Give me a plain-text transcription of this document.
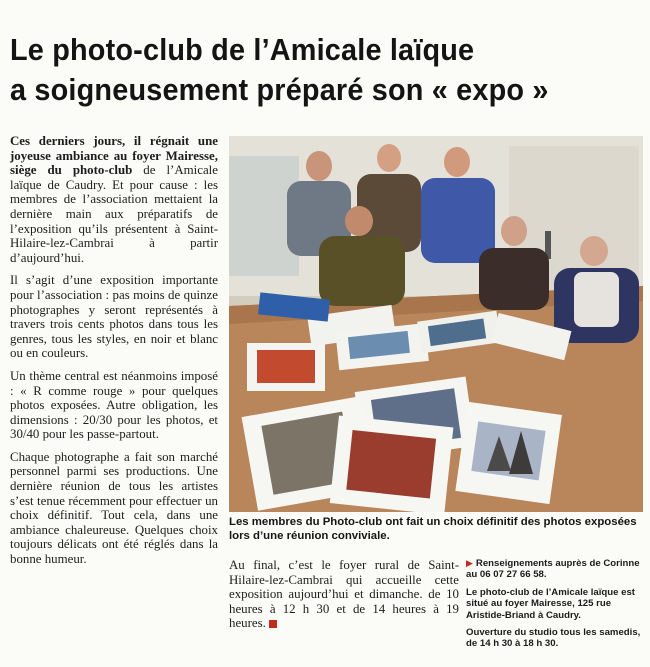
Le photo-club de l’Amicale laïque
a soigneusement préparé son « expo »

Ces derniers jours, il régnait une joyeuse ambiance au foyer Mairesse, siège du photo-club de l’Amicale laïque de Caudry. Et pour cause : les membres de l’association mettaient la dernière main aux préparatifs de l’exposition qu’ils présentent à Saint-Hilaire-lez-Cambrai à partir d’aujourd’hui.

Il s’agit d’une exposition importante pour l’association : pas moins de quinze photographes y seront représentés à travers trois cents photos dans tous les genres, tous les styles, en noir et blanc ou en couleurs.

Un thème central est néanmoins imposé : « R comme rouge » pour quelques photos exposées. Autre obligation, les dimensions : 20/30 pour les photos, et 30/40 pour les passe-partout.

Chaque photographe a fait son marché personnel parmi ses productions. Une dernière réunion de tous les artistes s’est tenue récemment pour effectuer un choix définitif. Tout cela, dans une ambiance chaleureuse. Quelques choix toujours délicats ont été réglés dans la bonne humeur.

Les membres du Photo-club ont fait un choix définitif des photos exposées lors d’une réunion conviviale.

Au final, c’est le foyer rural de Saint-Hilaire-lez-Cambrai qui accueille cette exposition aujourd’hui et dimanche. de 10 heures à 12 h 30 et de 14 heures à 19 heures.

▶ Renseignements auprès de Corinne au 06 07 27 66 58.

Le photo-club de l’Amicale laïque est situé au foyer Mairesse, 125 rue Aristide-Briand à Caudry.

Ouverture du studio tous les samedis, de 14 h 30 à 18 h 30.
